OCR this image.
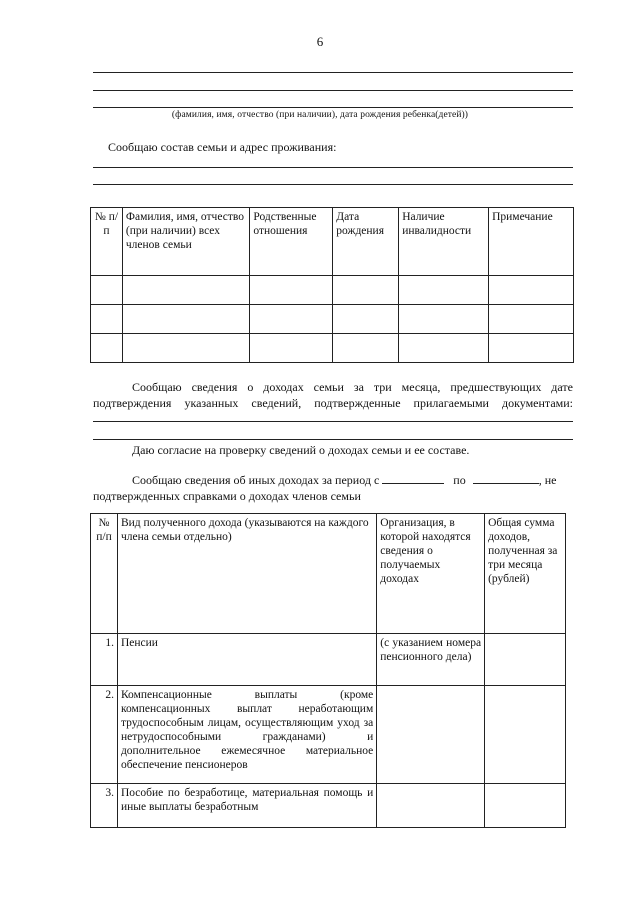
6
(фамилия, имя, отчество (при наличии), дата рождения ребенка(детей))
Сообщаю состав семьи и адрес проживания:
№ п/п	Фамилия, имя, отчество (при наличии) всех членов семьи	Родственные отношения	Дата рождения	Наличие инвалидности	Примечание

Сообщаю сведения о доходах семьи за три месяца, предшествующих дате
подтверждения указанных сведений, подтвержденные прилагаемыми документами:
Даю согласие на проверку сведений о доходах семьи и ее составе.
Сообщаю сведения об иных доходах за период с	по	, не
подтвержденных справками о доходах членов семьи
№ п/п	Вид полученного дохода (указываются на каждого члена семьи отдельно)	Организация, в которой находятся сведения о получаемых доходах	Общая сумма доходов, полученная за три месяца (рублей)
1.	Пенсии	(с указанием номера пенсионного дела)	
2.	Компенсационные выплаты (кроме компенсационных выплат неработающим трудоспособным лицам, осуществляющим уход за нетрудоспособными гражданами) и дополнительное ежемесячное материальное обеспечение пенсионеров		
3.	Пособие по безработице, материальная помощь и иные выплаты безработным		
